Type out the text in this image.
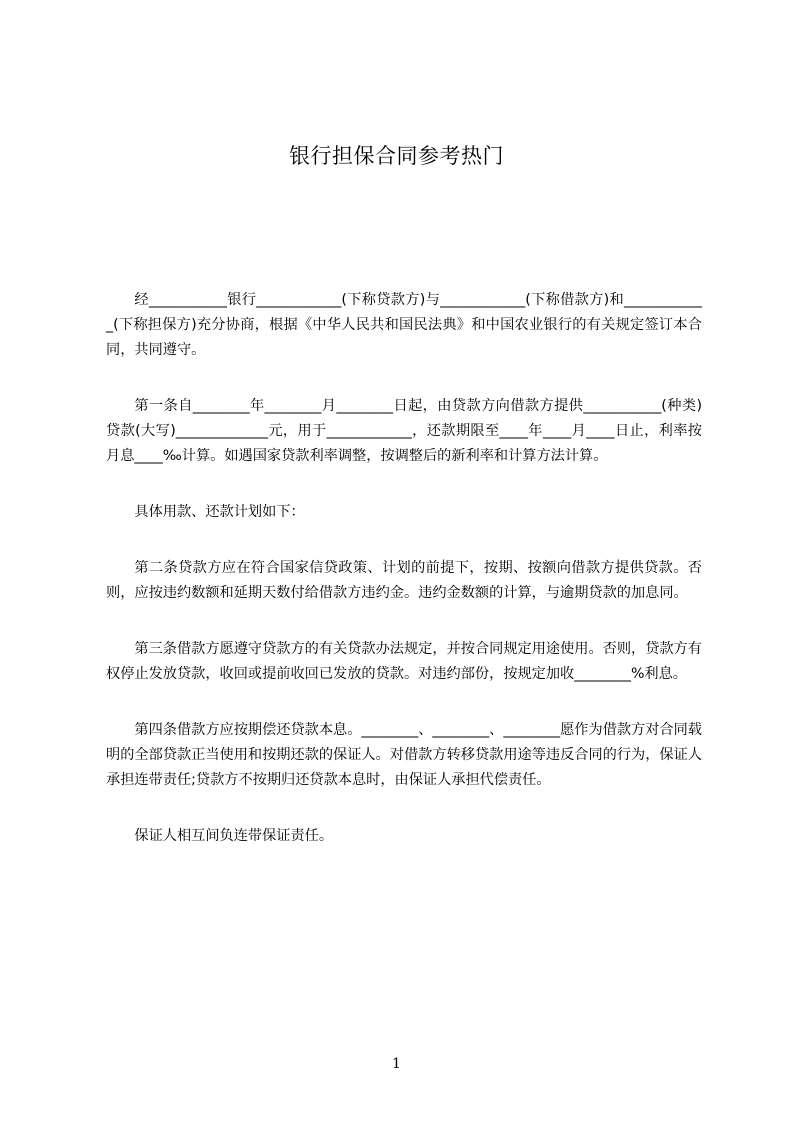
银行担保合同参考热门

经___________银行____________(下称贷款方)与____________(下称借款方)和____________(下称担保方)充分协商，根据《中华人民共和国民法典》和中国农业银行的有关规定签订本合同，共同遵守。

第一条自________年________月________日起，由贷款方向借款方提供___________(种类)贷款(大写)_____________元，用于____________，还款期限至____年____月____日止，利率按月息____‰计算。如遇国家贷款利率调整，按调整后的新利率和计算方法计算。

具体用款、还款计划如下：

第二条贷款方应在符合国家信贷政策、计划的前提下，按期、按额向借款方提供贷款。否则，应按违约数额和延期天数付给借款方违约金。违约金数额的计算，与逾期贷款的加息同。

第三条借款方愿遵守贷款方的有关贷款办法规定，并按合同规定用途使用。否则，贷款方有权停止发放贷款，收回或提前收回已发放的贷款。对违约部份，按规定加收________%利息。

第四条借款方应按期偿还贷款本息。________、________、________愿作为借款方对合同载明的全部贷款正当使用和按期还款的保证人。对借款方转移贷款用途等违反合同的行为，保证人承担连带责任;贷款方不按期归还贷款本息时，由保证人承担代偿责任。

保证人相互间负连带保证责任。

1
